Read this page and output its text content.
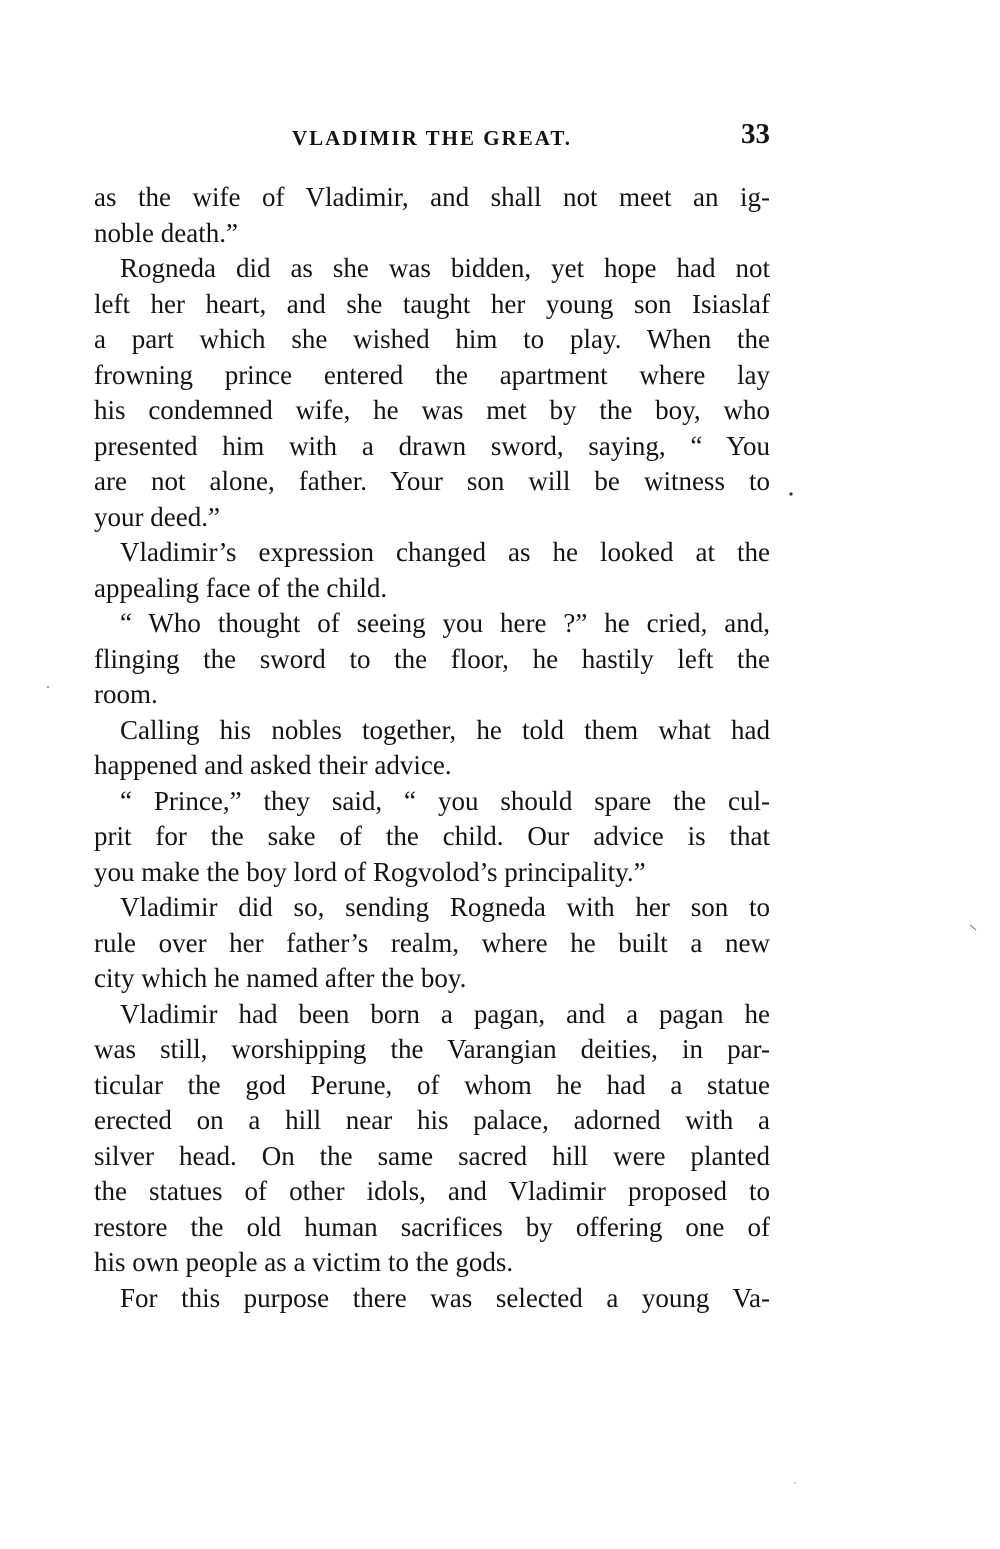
VLADIMIR THE GREAT.	33
as the wife of Vladimir, and shall not meet an ig-
noble death.”
Rogneda did as she was bidden, yet hope had not
left her heart, and she taught her young son Isiaslaf
a part which she wished him to play. When the
frowning prince entered the apartment where lay
his condemned wife, he was met by the boy, who
presented him with a drawn sword, saying, “ You
are not alone, father. Your son will be witness to
your deed.”
Vladimir’s expression changed as he looked at the
appealing face of the child.
“ Who thought of seeing you here ?” he cried, and,
flinging the sword to the floor, he hastily left the
room.
Calling his nobles together, he told them what had
happened and asked their advice.
“ Prince,” they said, “ you should spare the cul-
prit for the sake of the child. Our advice is that
you make the boy lord of Rogvolod’s principality.”
Vladimir did so, sending Rogneda with her son to
rule over her father’s realm, where he built a new
city which he named after the boy.
Vladimir had been born a pagan, and a pagan he
was still, worshipping the Varangian deities, in par-
ticular the god Perune, of whom he had a statue
erected on a hill near his palace, adorned with a
silver head. On the same sacred hill were planted
the statues of other idols, and Vladimir proposed to
restore the old human sacrifices by offering one of
his own people as a victim to the gods.
For this purpose there was selected a young Va-
